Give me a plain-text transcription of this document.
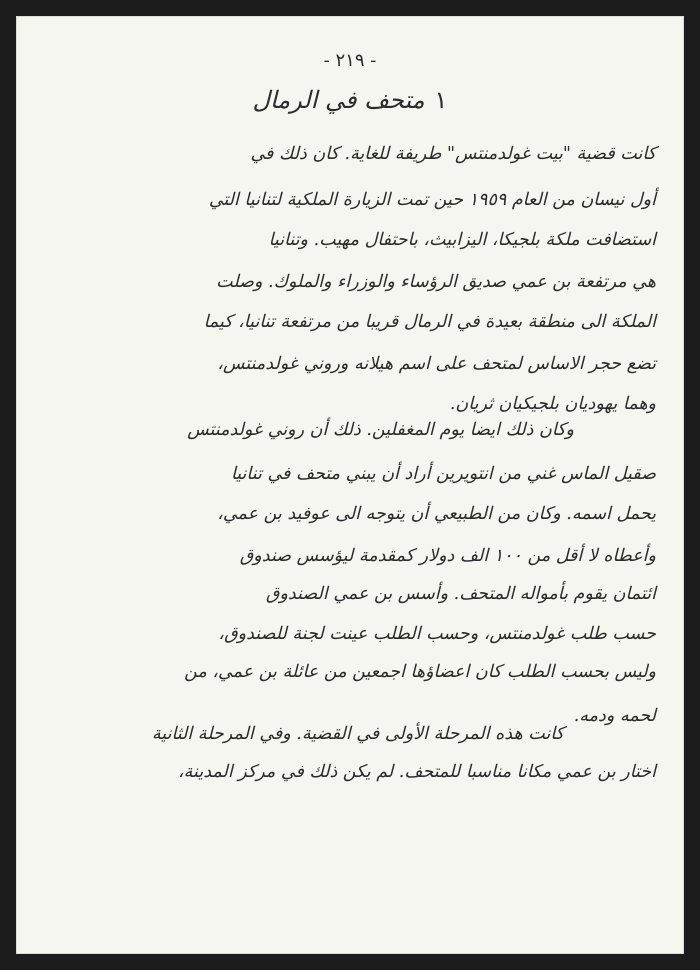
- ٢١٩ -
١متحف في الرمال
كانت قضية "بيت غولدمنتس" طريفة للغاية. كان ذلك في
أول نيسان من العام ١٩٥٩ حين تمت الزيارة الملكية لتنانيا التي
استضافت ملكة بلجيكا، اليزابيث، باحتفال مهيب. وتنانيا
هي مرتفعة بن عمي صديق الرؤساء والوزراء والملوك. وصلت
الملكة الى منطقة بعيدة في الرمال قريبا من مرتفعة تنانيا، كيما
تضع حجر الاساس لمتحف على اسم هيلانه وروني غولدمنتس،
وهما يهوديان بلجيكيان ثريان.
وكان ذلك ايضا يوم المغفلين. ذلك أن روني غولدمنتس
صقيل الماس غني من انتويرين أراد أن يبني متحف في تنانيا
يحمل اسمه. وكان من الطبيعي أن يتوجه الى عوفيد بن عمي،
وأعطاه لا أقل من ١٠٠ الف دولار كمقدمة ليؤسس صندوق
ائتمان يقوم بأمواله المتحف. وأسس بن عمي الصندوق
حسب طلب غولدمنتس، وحسب الطلب عينت لجنة للصندوق،
وليس بحسب الطلب كان اعضاؤها اجمعين من عائلة بن عمي، من
لحمه ودمه.
كانت هذه المرحلة الأولى في القضية. وفي المرحلة الثانية
اختار بن عمي مكانا مناسبا للمتحف. لم يكن ذلك في مركز المدينة،
